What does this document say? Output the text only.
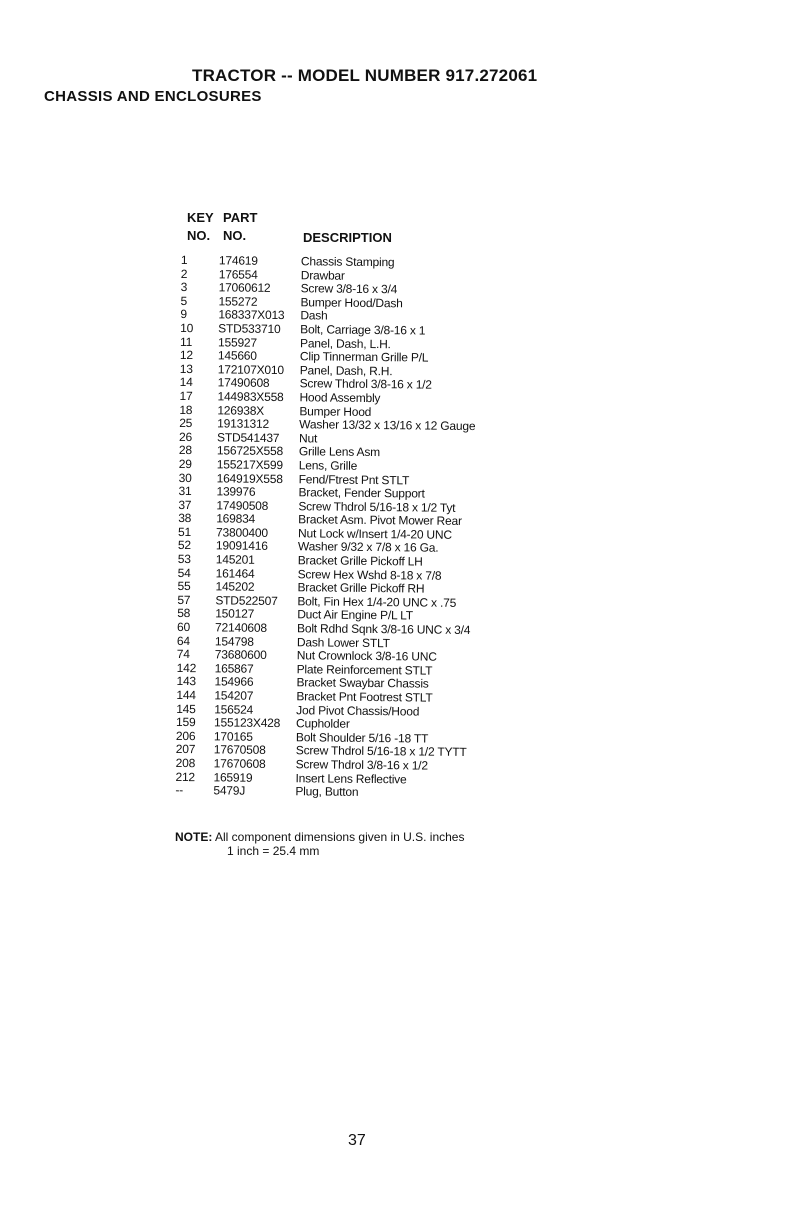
TRACTOR -- MODEL NUMBER 917.272061
CHASSIS AND ENCLOSURES
KEY PART
NO. NO.	DESCRIPTION
1	174619	Chassis Stamping
2	176554	Drawbar
3	17060612	Screw 3/8-16 x 3/4
5	155272	Bumper Hood/Dash
9	168337X013 Dash
10	STD533710 Bolt, Carriage 3/8-16 x 1
11	155927	Panel, Dash, L.H.
12	145660	Clip Tinnerman Grille P/L
13	172107X010 Panel, Dash, R.H.
14	17490608	Screw Thdrol 3/8-16 x 1/2
17	144983X558 Hood Assembly
18	126938X	Bumper Hood
25	19131312	Washer 13/32 x 13/16 x 12 Gauge
26	STD541437 Nut
28	156725X558 Grille Lens Asm
29	155217X599 Lens, Grille
30	164919X558 Fend/Ftrest Pnt STLT
31	139976	Bracket, Fender Support
37	17490508	Screw Thdrol 5/16-18 x 1/2 Tyt
38	169834	Bracket Asm. Pivot Mower Rear
51	73800400	Nut Lock w/Insert 1/4-20 UNC
52	19091416	Washer 9/32 x 7/8 x 16 Ga.
53	145201	Bracket Grille Pickoff LH
54	161464	Screw Hex Wshd 8-18 x 7/8
55	145202	Bracket Grille Pickoff RH
57	STD522507 Bolt, Fin Hex 1/4-20 UNC x .75
58	150127	Duct Air Engine P/L LT
60	72140608	Bolt Rdhd Sqnk 3/8-16 UNC x 3/4
64	154798	Dash Lower STLT
74	73680600	Nut Crownlock 3/8-16 UNC
142	165867	Plate Reinforcement STLT
143	154966	Bracket Swaybar Chassis
144	154207	Bracket Pnt Footrest STLT
145	156524	Jod Pivot Chassis/Hood
159	155123X428 Cupholder
206	170165	Bolt Shoulder 5/16 -18 TT
207	17670508	Screw Thdrol 5/16-18 x 1/2 TYTT
208	17670608	Screw Thdrol 3/8-16 x 1/2
212	165919	Insert Lens Reflective
--	5479J	Plug, Button
NOTE: All component dimensions given in U.S. inches
1 inch = 25.4 mm
37
